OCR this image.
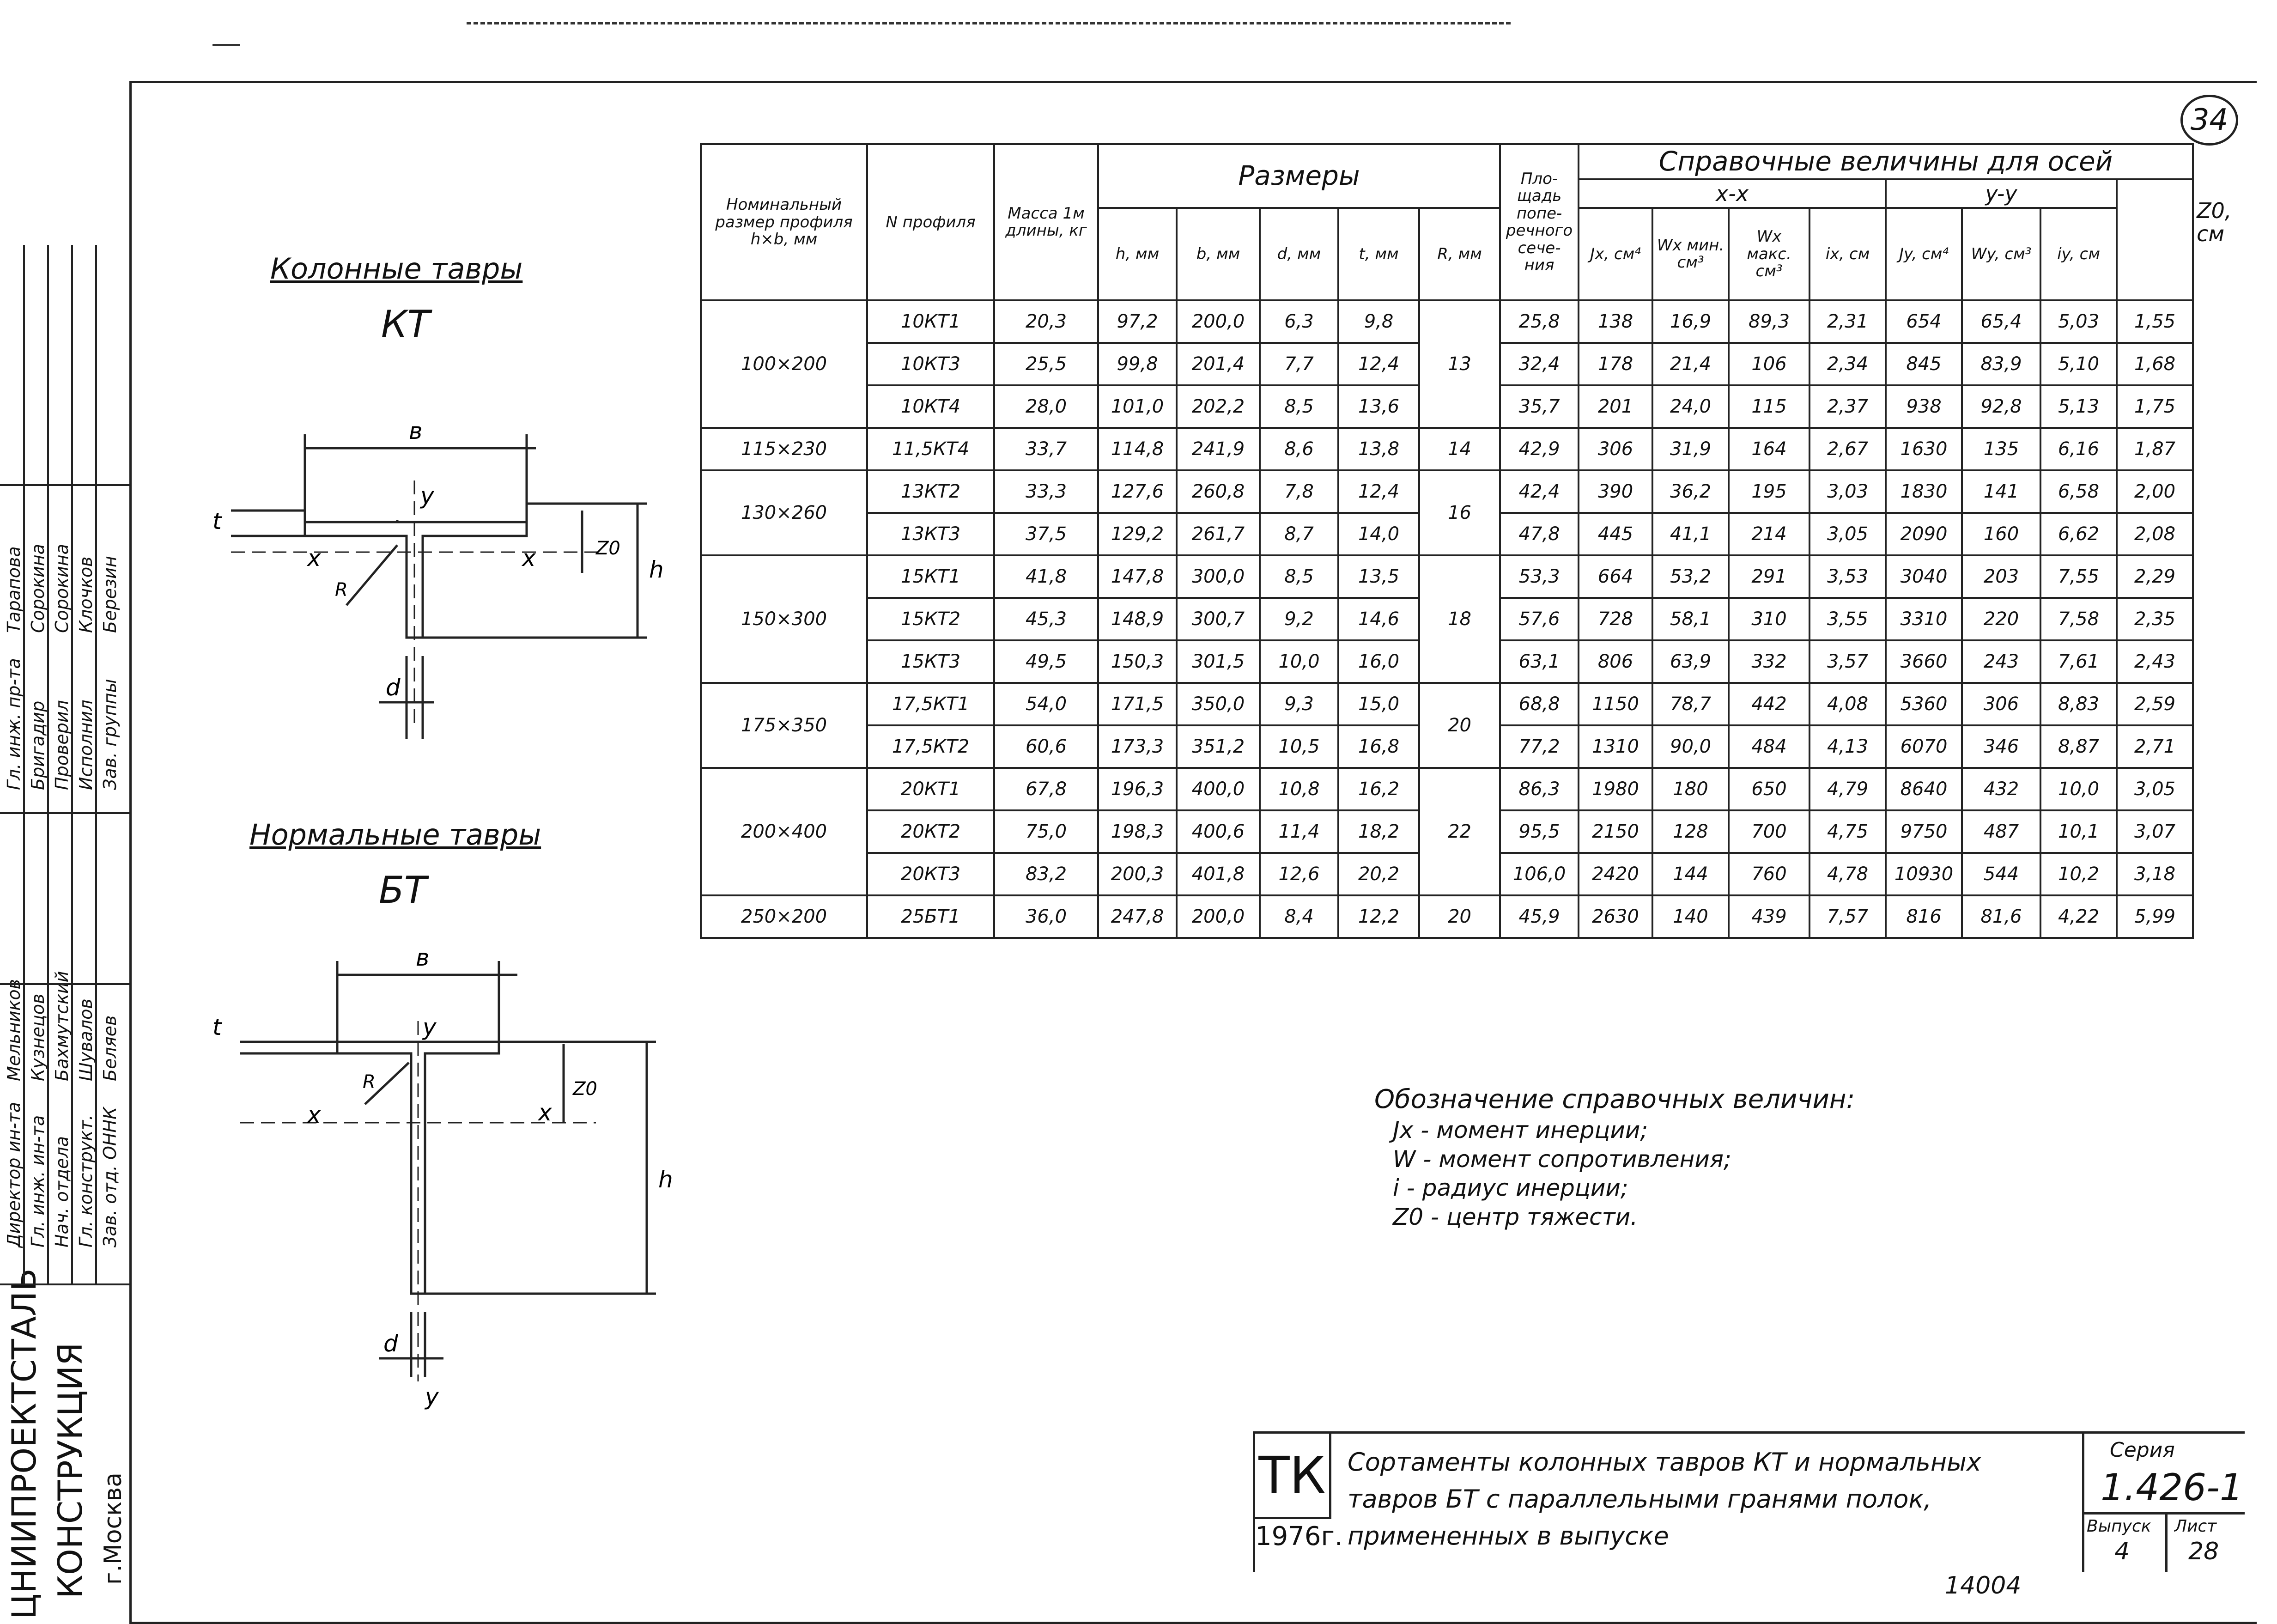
34
ЦНИИПРОЕКТСТАЛЬ КОНСТРУКЦИЯ г.Москва
Директор ин-та
Мельников
Гл. инж. ин-та
Кузнецов
Нач. отдела
Бахмутский
Гл. конструкт.
Шувалов
Зав. отд. ОННК
Беляев
Гл. инж. пр-та
Тарапова
Бригадир
Сорокина
Проверил
Сорокина
Исполнил
Клочков
Зав. группы
Березин
Колонные тавры
КТ
в
t
y
x	x	Z0
h
R
d
Нормальные тавры
БТ
в
t	y
x	x
Z0
h
R
d
y
Номинальный размер профиля h×b, мм	N профиля	Масса 1м длины, кг	Размеры					Пло- щадь попе- речного сече- ния	Справочные величины для осей								Z0, см
									x-x				y-y				
			h, мм	b, мм	d, мм	t, мм	R, мм		Jx, см⁴	Wx мин. см³	Wx макс. см³	ix, см	Jy, см⁴	Wy, см³	iy, см		
100×200	10КТ1	20,3	97,2	200,0	6,3	9,8	13	25,8	138	16,9	89,3	2,31	654	65,4	5,03	1,55	
	10КТ3	25,5	99,8	201,4	7,7	12,4		32,4	178	21,4	106	2,34	845	83,9	5,10	1,68	
	10КТ4	28,0	101,0	202,2	8,5	13,6		35,7	201	24,0	115	2,37	938	92,8	5,13	1,75	
115×230	11,5КТ4	33,7	114,8	241,9	8,6	13,8	14	42,9	306	31,9	164	2,67	1630	135	6,16	1,87	
130×260	13КТ2	33,3	127,6	260,8	7,8	12,4	16	42,4	390	36,2	195	3,03	1830	141	6,58	2,00	
	13КТ3	37,5	129,2	261,7	8,7	14,0		47,8	445	41,1	214	3,05	2090	160	6,62	2,08	
150×300	15КТ1	41,8	147,8	300,0	8,5	13,5	18	53,3	664	53,2	291	3,53	3040	203	7,55	2,29	
	15КТ2	45,3	148,9	300,7	9,2	14,6		57,6	728	58,1	310	3,55	3310	220	7,58	2,35	
	15КТ3	49,5	150,3	301,5	10,0	16,0		63,1	806	63,9	332	3,57	3660	243	7,61	2,43	
175×350	17,5КТ1	54,0	171,5	350,0	9,3	15,0	20	68,8	1150	78,7	442	4,08	5360	306	8,83	2,59	
	17,5КТ2	60,6	173,3	351,2	10,5	16,8		77,2	1310	90,0	484	4,13	6070	346	8,87	2,71	
200×400	20КТ1	67,8	196,3	400,0	10,8	16,2	22	86,3	1980	180	650	4,79	8640	432	10,0	3,05	
	20КТ2	75,0	198,3	400,6	11,4	18,2		95,5	2150	128	700	4,75	9750	487	10,1	3,07	
	20КТ3	83,2	200,3	401,8	12,6	20,2		106,0	2420	144	760	4,78	10930	544	10,2	3,18	
250×200	25БТ1	36,0	247,8	200,0	8,4	12,2	20	45,9	2630	140	439	7,57	816	81,6	4,22	5,99	
Обозначение справочных величин:
Jx - момент инерции;
W - момент сопротивления;
i - радиус инерции;
Z0 - центр тяжести.
ТК
1976г.
Сортаменты колонных тавров КТ и нормальных
тавров БТ с параллельными гранями полок,
примененных в выпуске
Серия
1.426-1
Выпуск
4
Лист
28
14004
